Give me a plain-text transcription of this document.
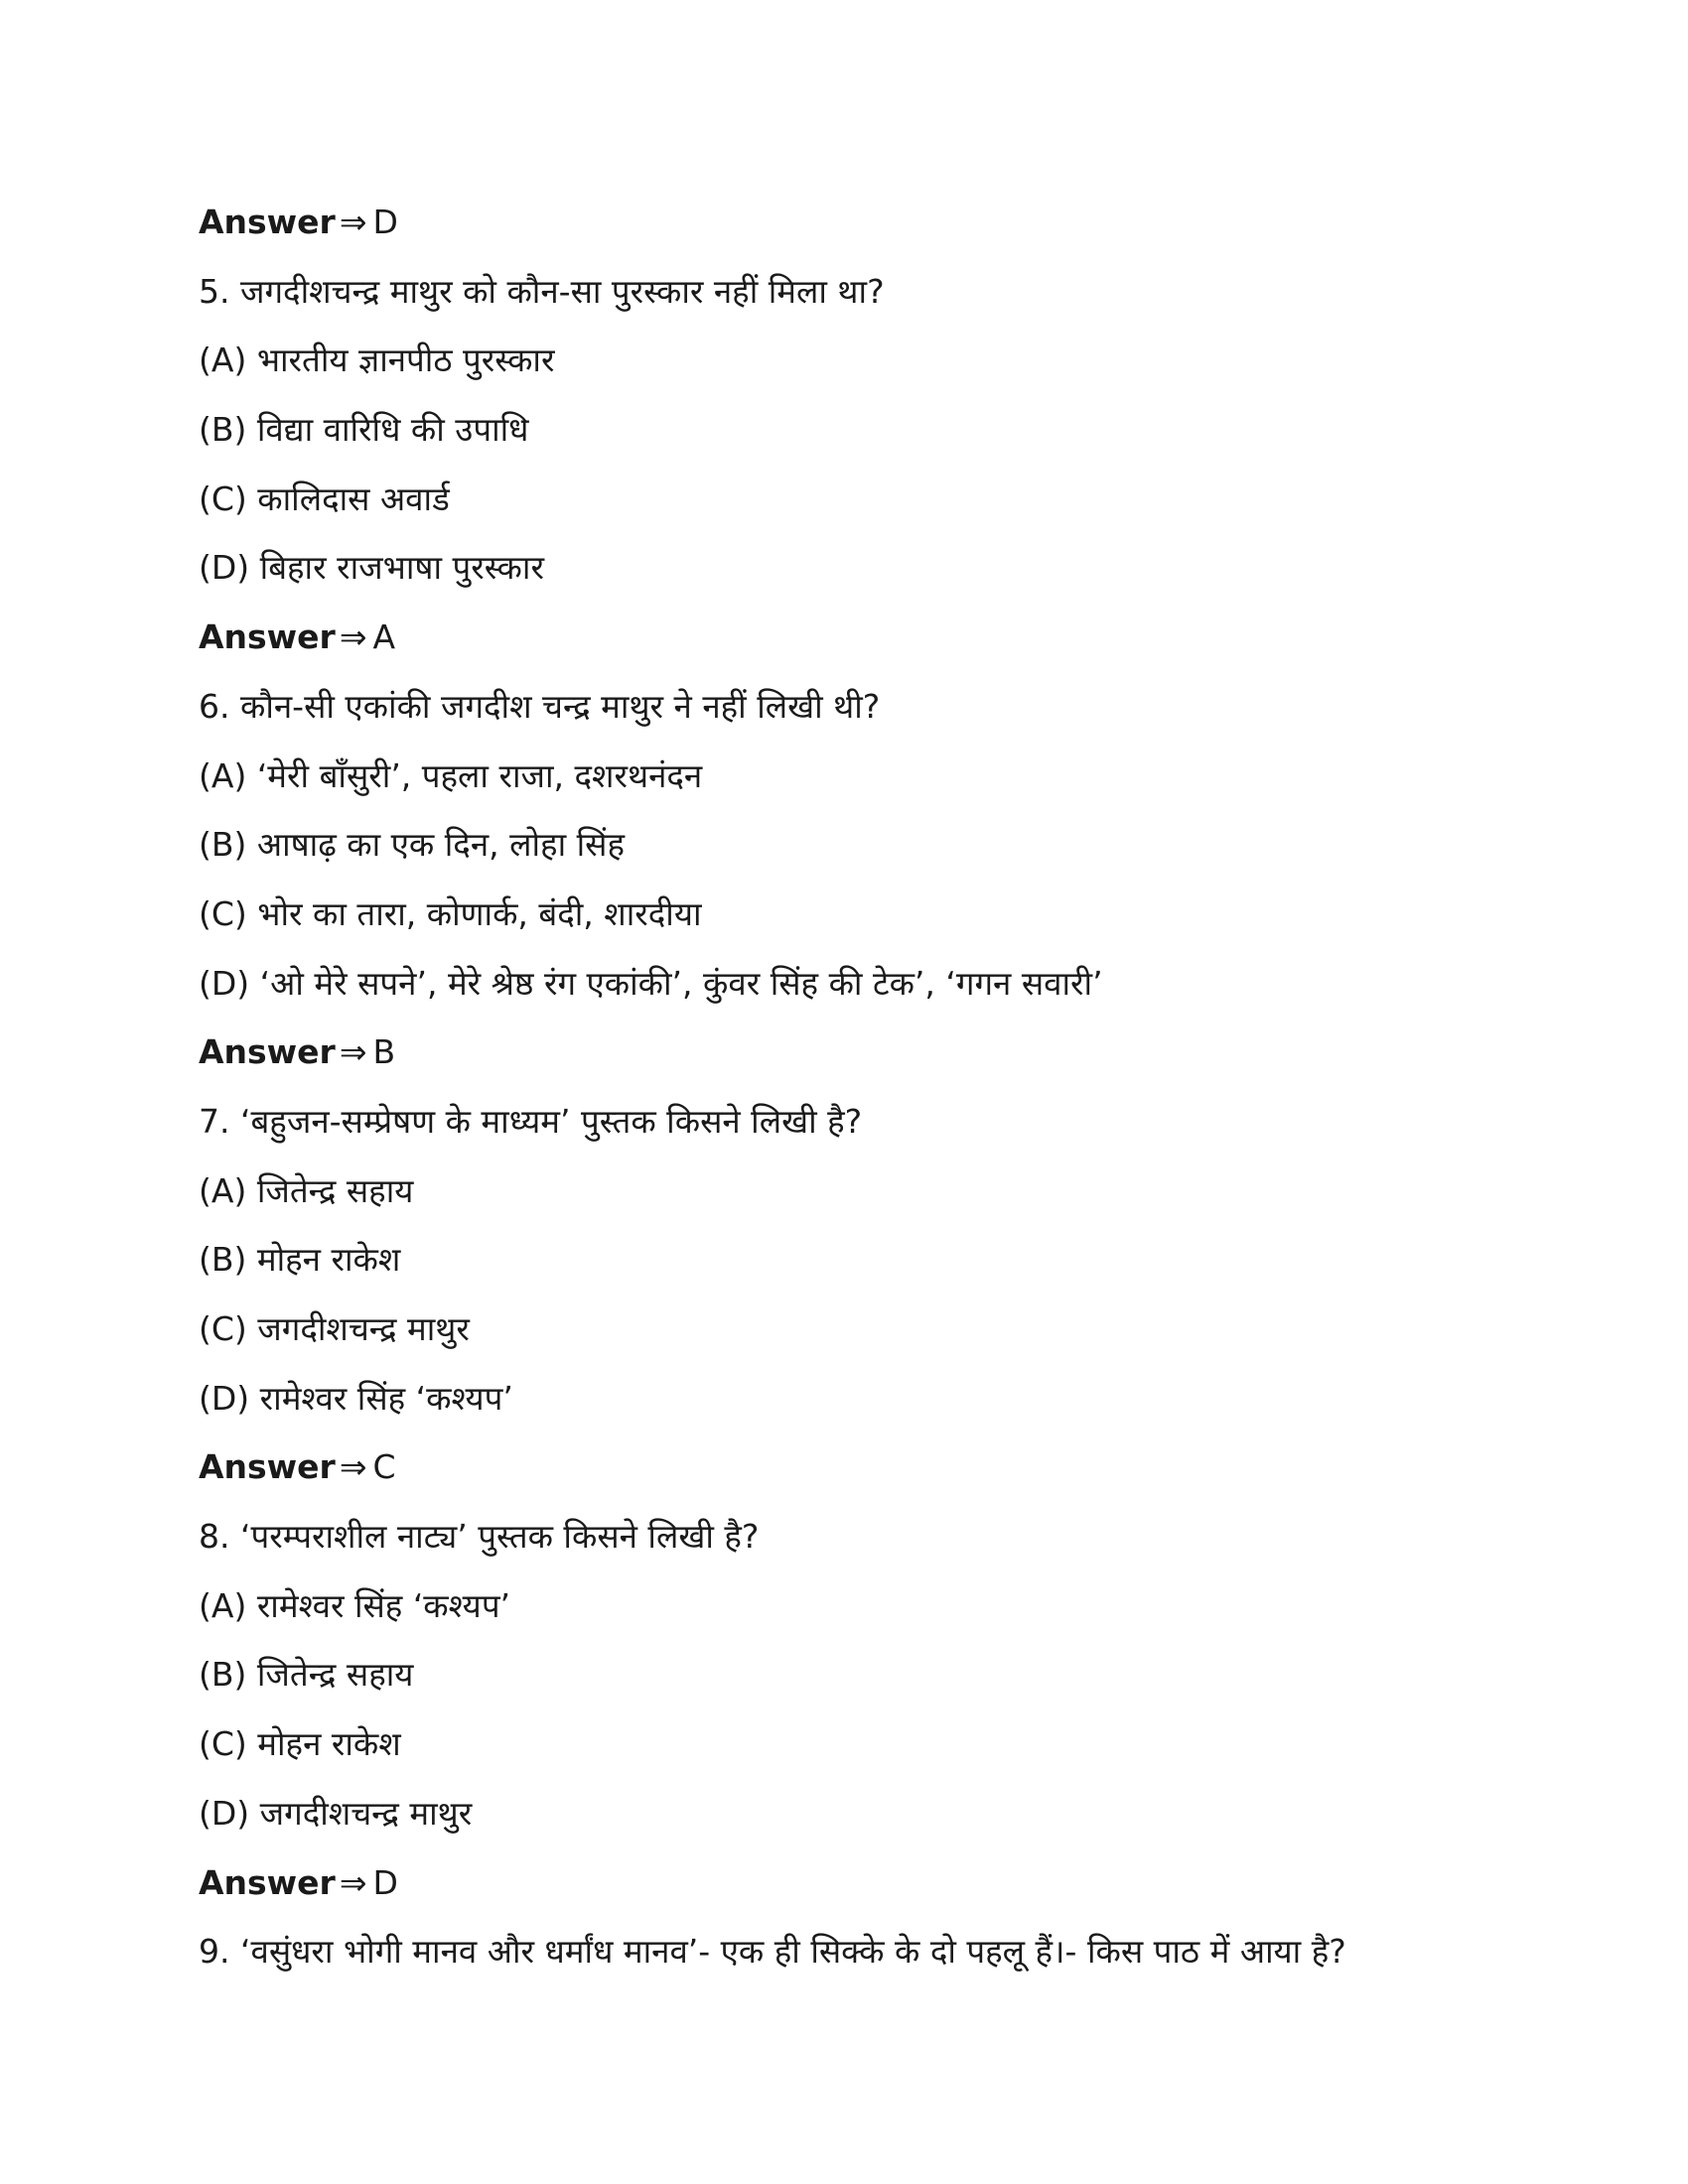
Answer ⇒ D
5. जगदीशचन्द्र माथुर को कौन-सा पुरस्कार नहीं मिला था?
(A) भारतीय ज्ञानपीठ पुरस्कार
(B) विद्या वारिधि की उपाधि
(C) कालिदास अवार्ड
(D) बिहार राजभाषा पुरस्कार
Answer ⇒ A
6. कौन-सी एकांकी जगदीश चन्द्र माथुर ने नहीं लिखी थी?
(A) ‘मेरी बाँसुरी’, पहला राजा, दशरथनंदन
(B) आषाढ़ का एक दिन, लोहा सिंह
(C) भोर का तारा, कोणार्क, बंदी, शारदीया
(D) ‘ओ मेरे सपने’, मेरे श्रेष्ठ रंग एकांकी’, कुंवर सिंह की टेक’, ‘गगन सवारी’
Answer ⇒ B
7. ‘बहुजन-सम्प्रेषण के माध्यम’ पुस्तक किसने लिखी है?
(A) जितेन्द्र सहाय
(B) मोहन राकेश
(C) जगदीशचन्द्र माथुर
(D) रामेश्वर सिंह ‘कश्यप’
Answer ⇒ C
8. ‘परम्पराशील नाट्य’ पुस्तक किसने लिखी है?
(A) रामेश्वर सिंह ‘कश्यप’
(B) जितेन्द्र सहाय
(C) मोहन राकेश
(D) जगदीशचन्द्र माथुर
Answer ⇒ D
9. ‘वसुंधरा भोगी मानव और धर्मांध मानव’- एक ही सिक्के के दो पहलू हैं।- किस पाठ में आया है?
